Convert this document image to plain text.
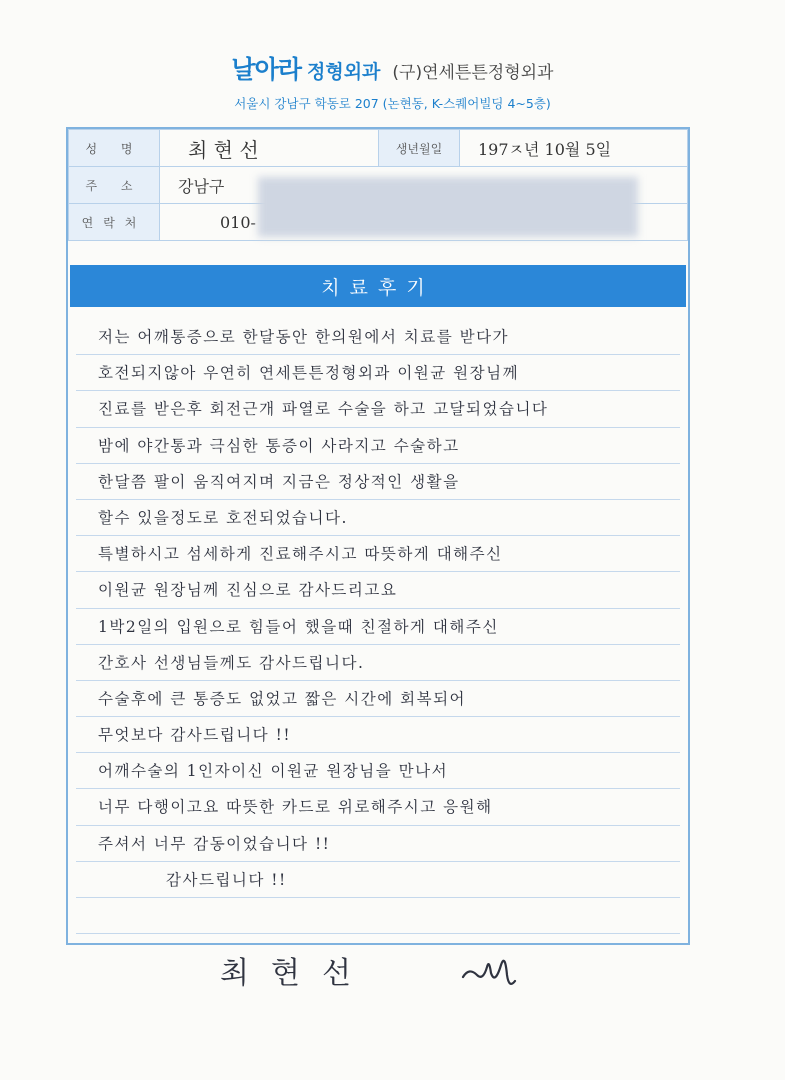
날아라 정형외과 (구)연세튼튼정형외과
서울시 강남구 학동로 207 (논현동, K-스퀘어빌딩 4~5층)
성 명	최 현 선	생년월일	197ㅈ년 10월 5일
주 소	강남구		
연락처	010-		
치료후기
저는 어깨통증으로 한달동안 한의원에서 치료를 받다가
호전되지않아 우연히 연세튼튼정형외과 이원균 원장님께
진료를 받은후 회전근개 파열로 수술을 하고 고달되었습니다
밤에 야간통과 극심한 통증이 사라지고 수술하고
한달쯤 팔이 움직여지며 지금은 정상적인 생활을
할수 있을정도로 호전되었습니다.
특별하시고 섬세하게 진료해주시고 따뜻하게 대해주신
이원균 원장님께 진심으로 감사드리고요
1박2일의 입원으로 힘들어 했을때 친절하게 대해주신
간호사 선생님들께도 감사드립니다.
수술후에 큰 통증도 없었고 짧은 시간에 회복되어
무엇보다 감사드립니다 !!
어깨수술의 1인자이신 이원균 원장님을 만나서
너무 다행이고요 따뜻한 카드로 위로해주시고 응원해
주셔서 너무 감동이었습니다 !!
감사드립니다 !!
최현선
